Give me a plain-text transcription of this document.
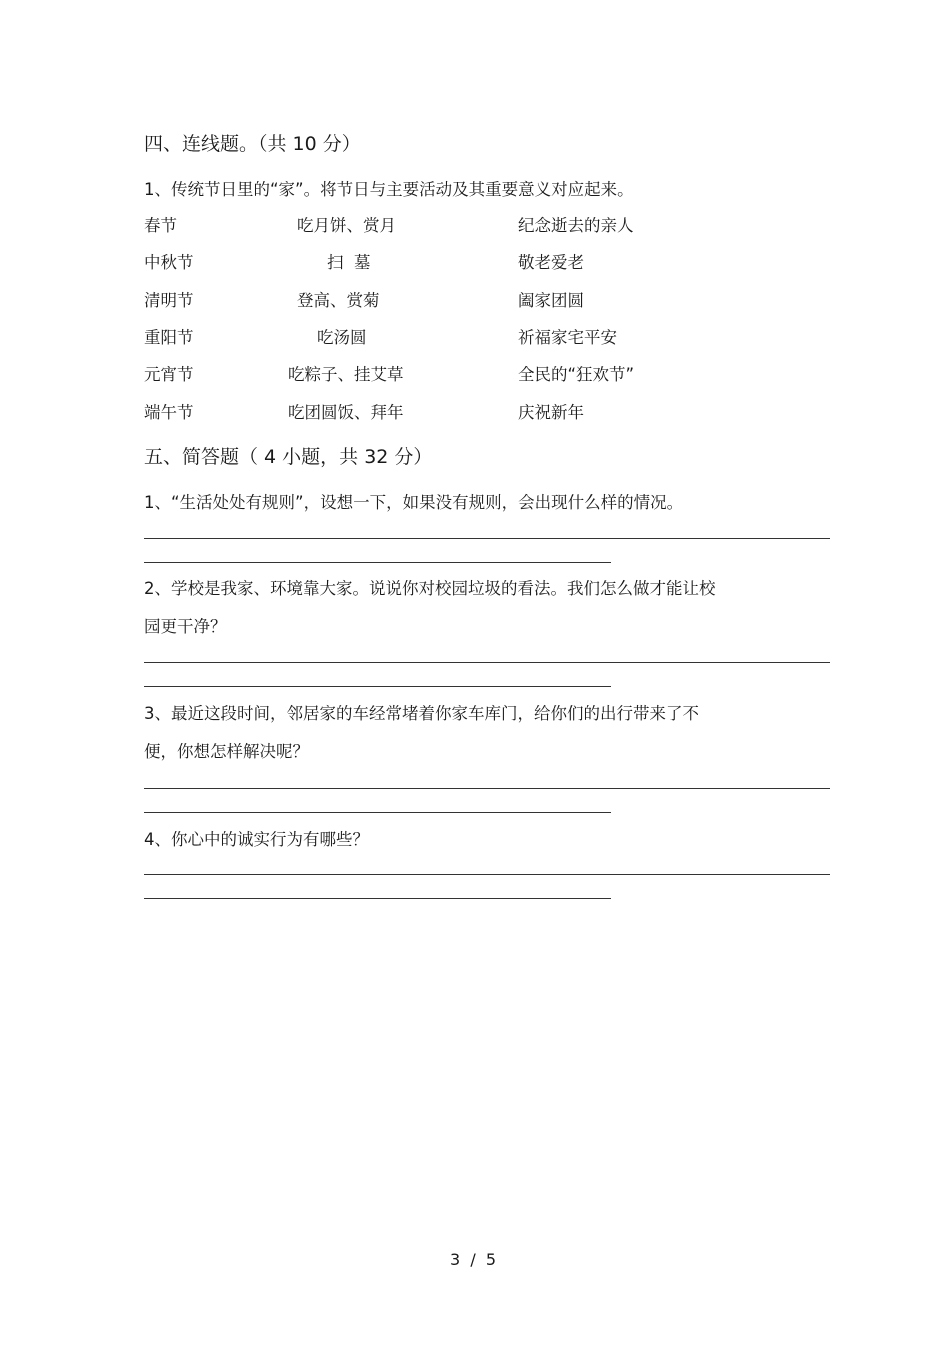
四、连线题。（共 10 分）
1、传统节日里的“家”。将节日与主要活动及其重要意义对应起来。
春节	吃月饼、赏月	纪念逝去的亲人
中秋节	扫  墓	敬老爱老
清明节	登高、赏菊	阖家团圆
重阳节	吃汤圆	祈福家宅平安
元宵节	吃粽子、挂艾草	全民的“狂欢节”
端午节	吃团圆饭、拜年	庆祝新年
五、简答题（ 4 小题，共 32 分）
1、“生活处处有规则”，设想一下，如果没有规则，会出现什么样的情况。
2、学校是我家、环境靠大家。说说你对校园垃圾的看法。我们怎么做才能让校
园更干净？
3、最近这段时间，邻居家的车经常堵着你家车库门，给你们的出行带来了不
便，你想怎样解决呢？
4、你心中的诚实行为有哪些？
3  /  5
